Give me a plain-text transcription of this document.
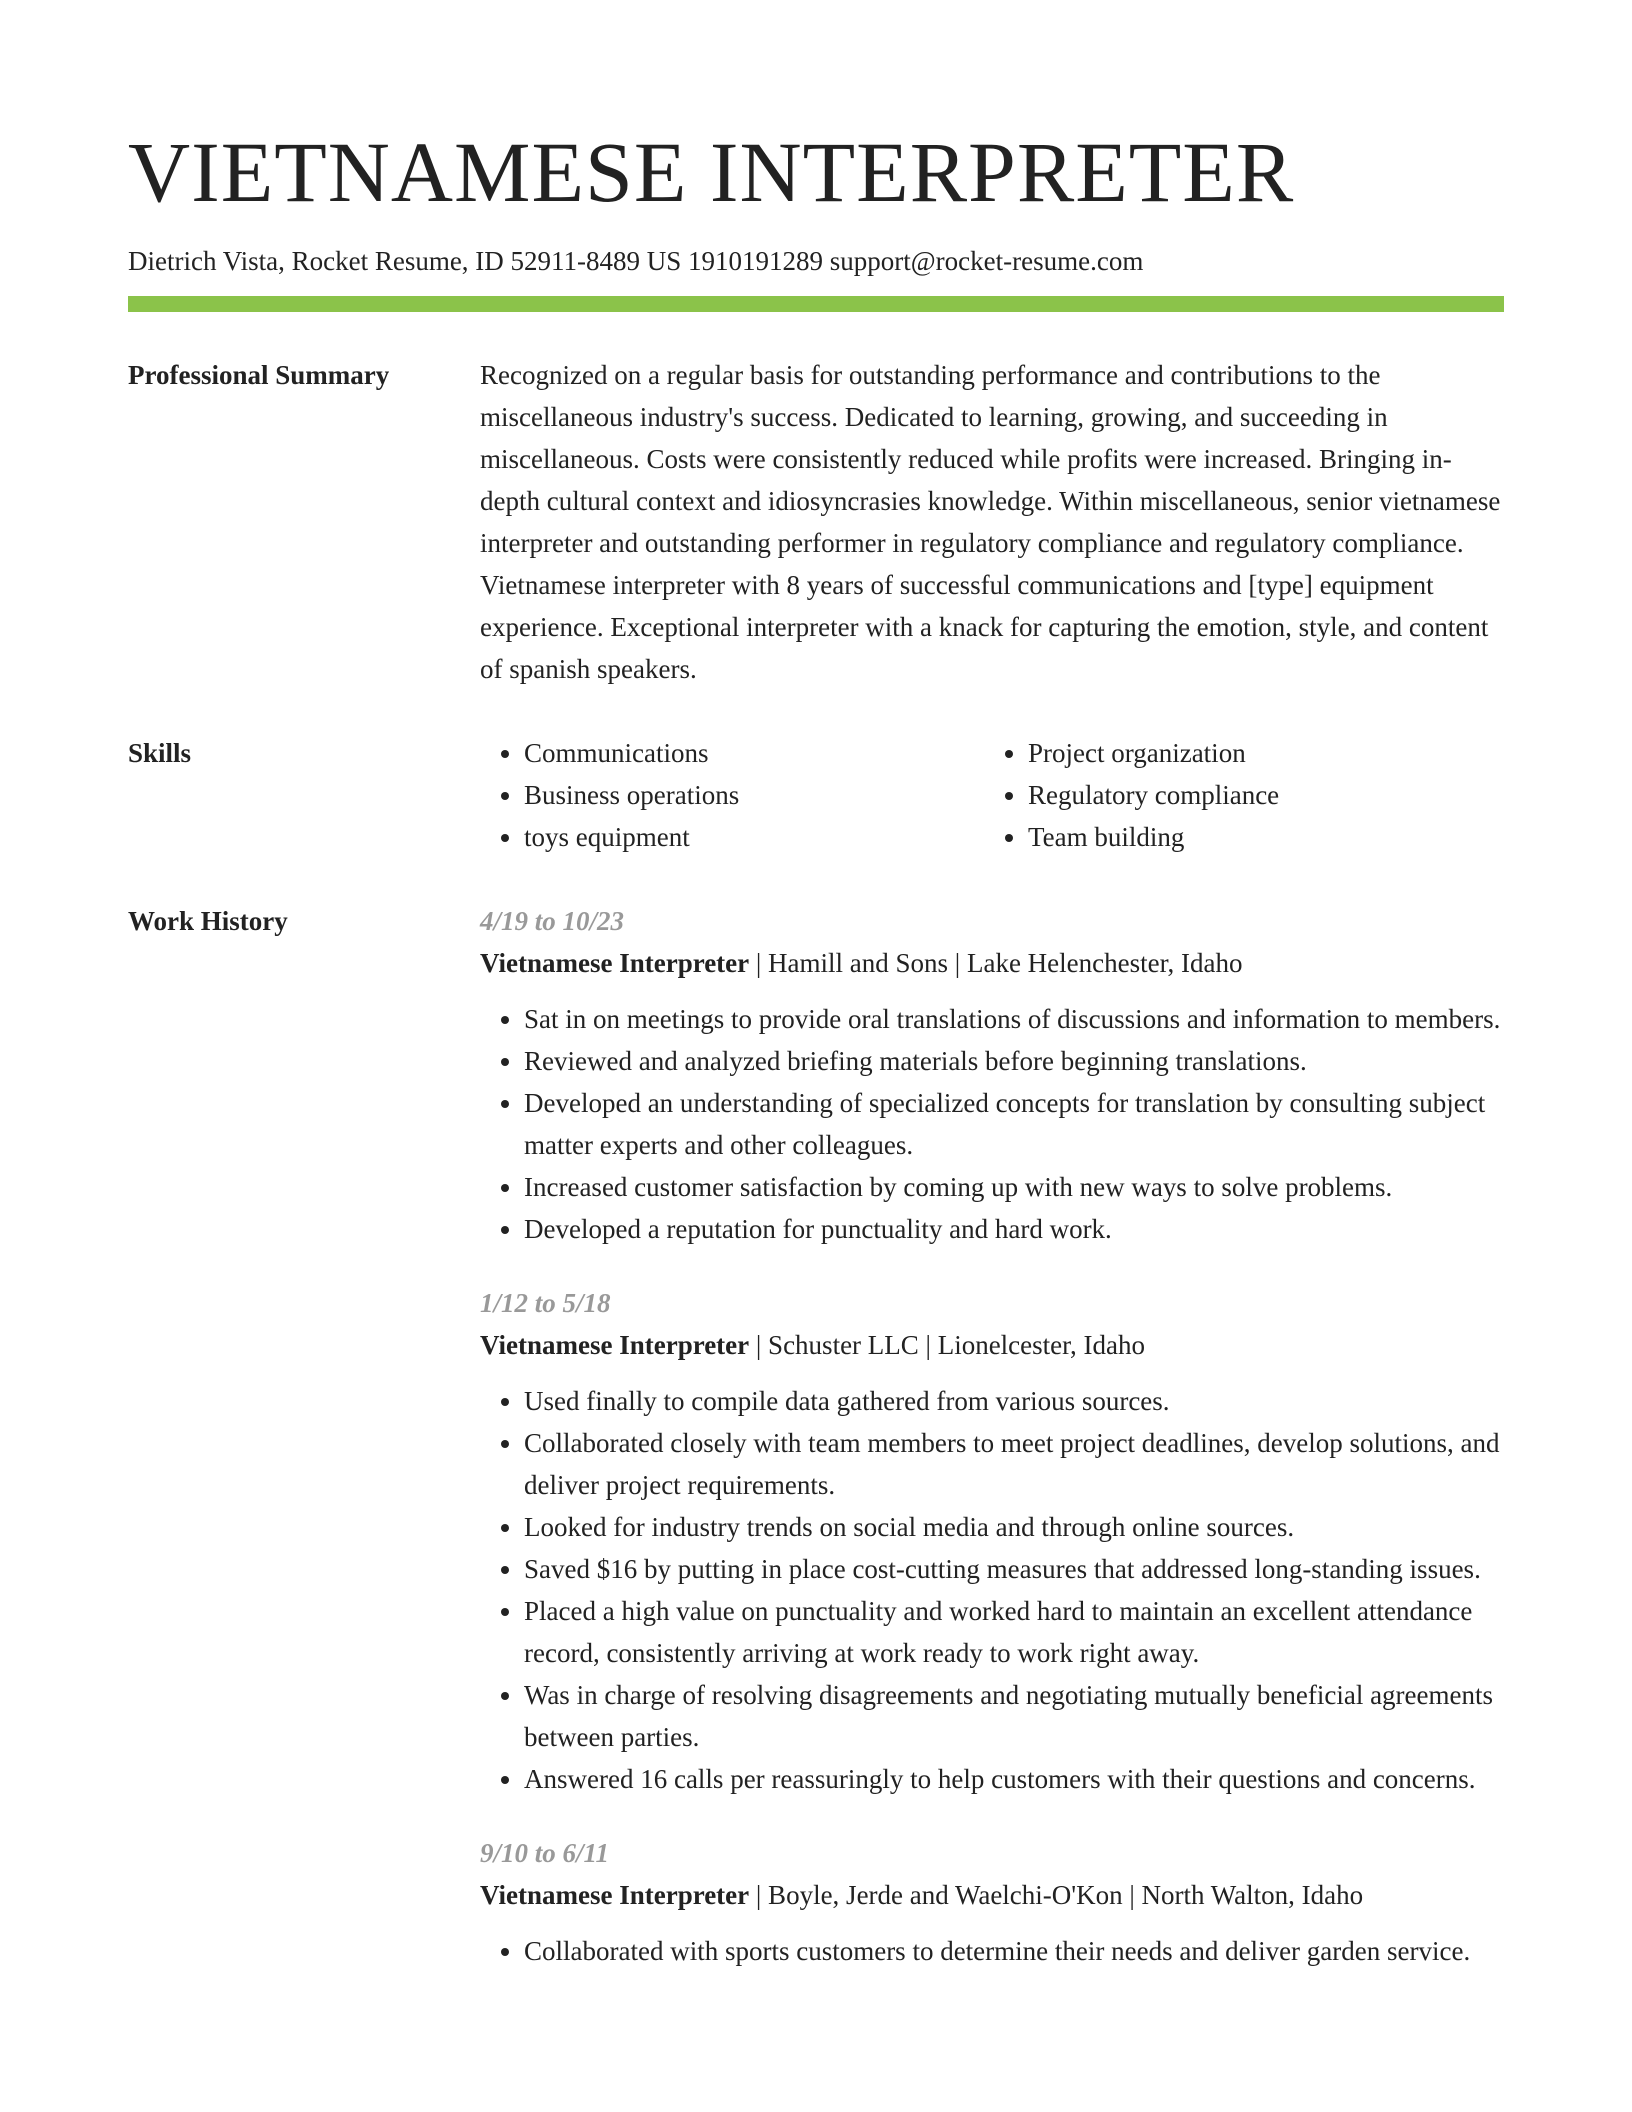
VIETNAMESE INTERPRETER
Dietrich Vista, Rocket Resume, ID 52911-8489 US 1910191289 support@rocket-resume.com
Professional Summary	Recognized on a regular basis for outstanding performance and contributions to the miscellaneous industry's success. Dedicated to learning, growing, and succeeding in miscellaneous. Costs were consistently reduced while profits were increased. Bringing in-depth cultural context and idiosyncrasies knowledge. Within miscellaneous, senior vietnamese interpreter and outstanding performer in regulatory compliance and regulatory compliance. Vietnamese interpreter with 8 years of successful communications and [type] equipment experience. Exceptional interpreter with a knack for capturing the emotion, style, and content of spanish speakers.

Skills
•	Communications
• Business operations
• toys equipment
• Project organization
• Regulatory compliance
• Team building
Work History	4/19 to 10/23
Vietnamese Interpreter | Hamill and Sons | Lake Helenchester, Idaho
• Sat in on meetings to provide oral translations of discussions and information to members.
• Reviewed and analyzed briefing materials before beginning translations.
• Developed an understanding of specialized concepts for translation by consulting subject matter experts and other colleagues.
• Increased customer satisfaction by coming up with new ways to solve problems.
• Developed a reputation for punctuality and hard work.
1/12 to 5/18
Vietnamese Interpreter | Schuster LLC | Lionelcester, Idaho
• Used finally to compile data gathered from various sources.
• Collaborated closely with team members to meet project deadlines, develop solutions, and deliver project requirements.
• Looked for industry trends on social media and through online sources.
• Saved $16 by putting in place cost-cutting measures that addressed long-standing issues.
• Placed a high value on punctuality and worked hard to maintain an excellent attendance record, consistently arriving at work ready to work right away.
• Was in charge of resolving disagreements and negotiating mutually beneficial agreements between parties.
• Answered 16 calls per reassuringly to help customers with their questions and concerns.
9/10 to 6/11
Vietnamese Interpreter | Boyle, Jerde and Waelchi-O'Kon | North Walton, Idaho
• Collaborated with sports customers to determine their needs and deliver garden service.
